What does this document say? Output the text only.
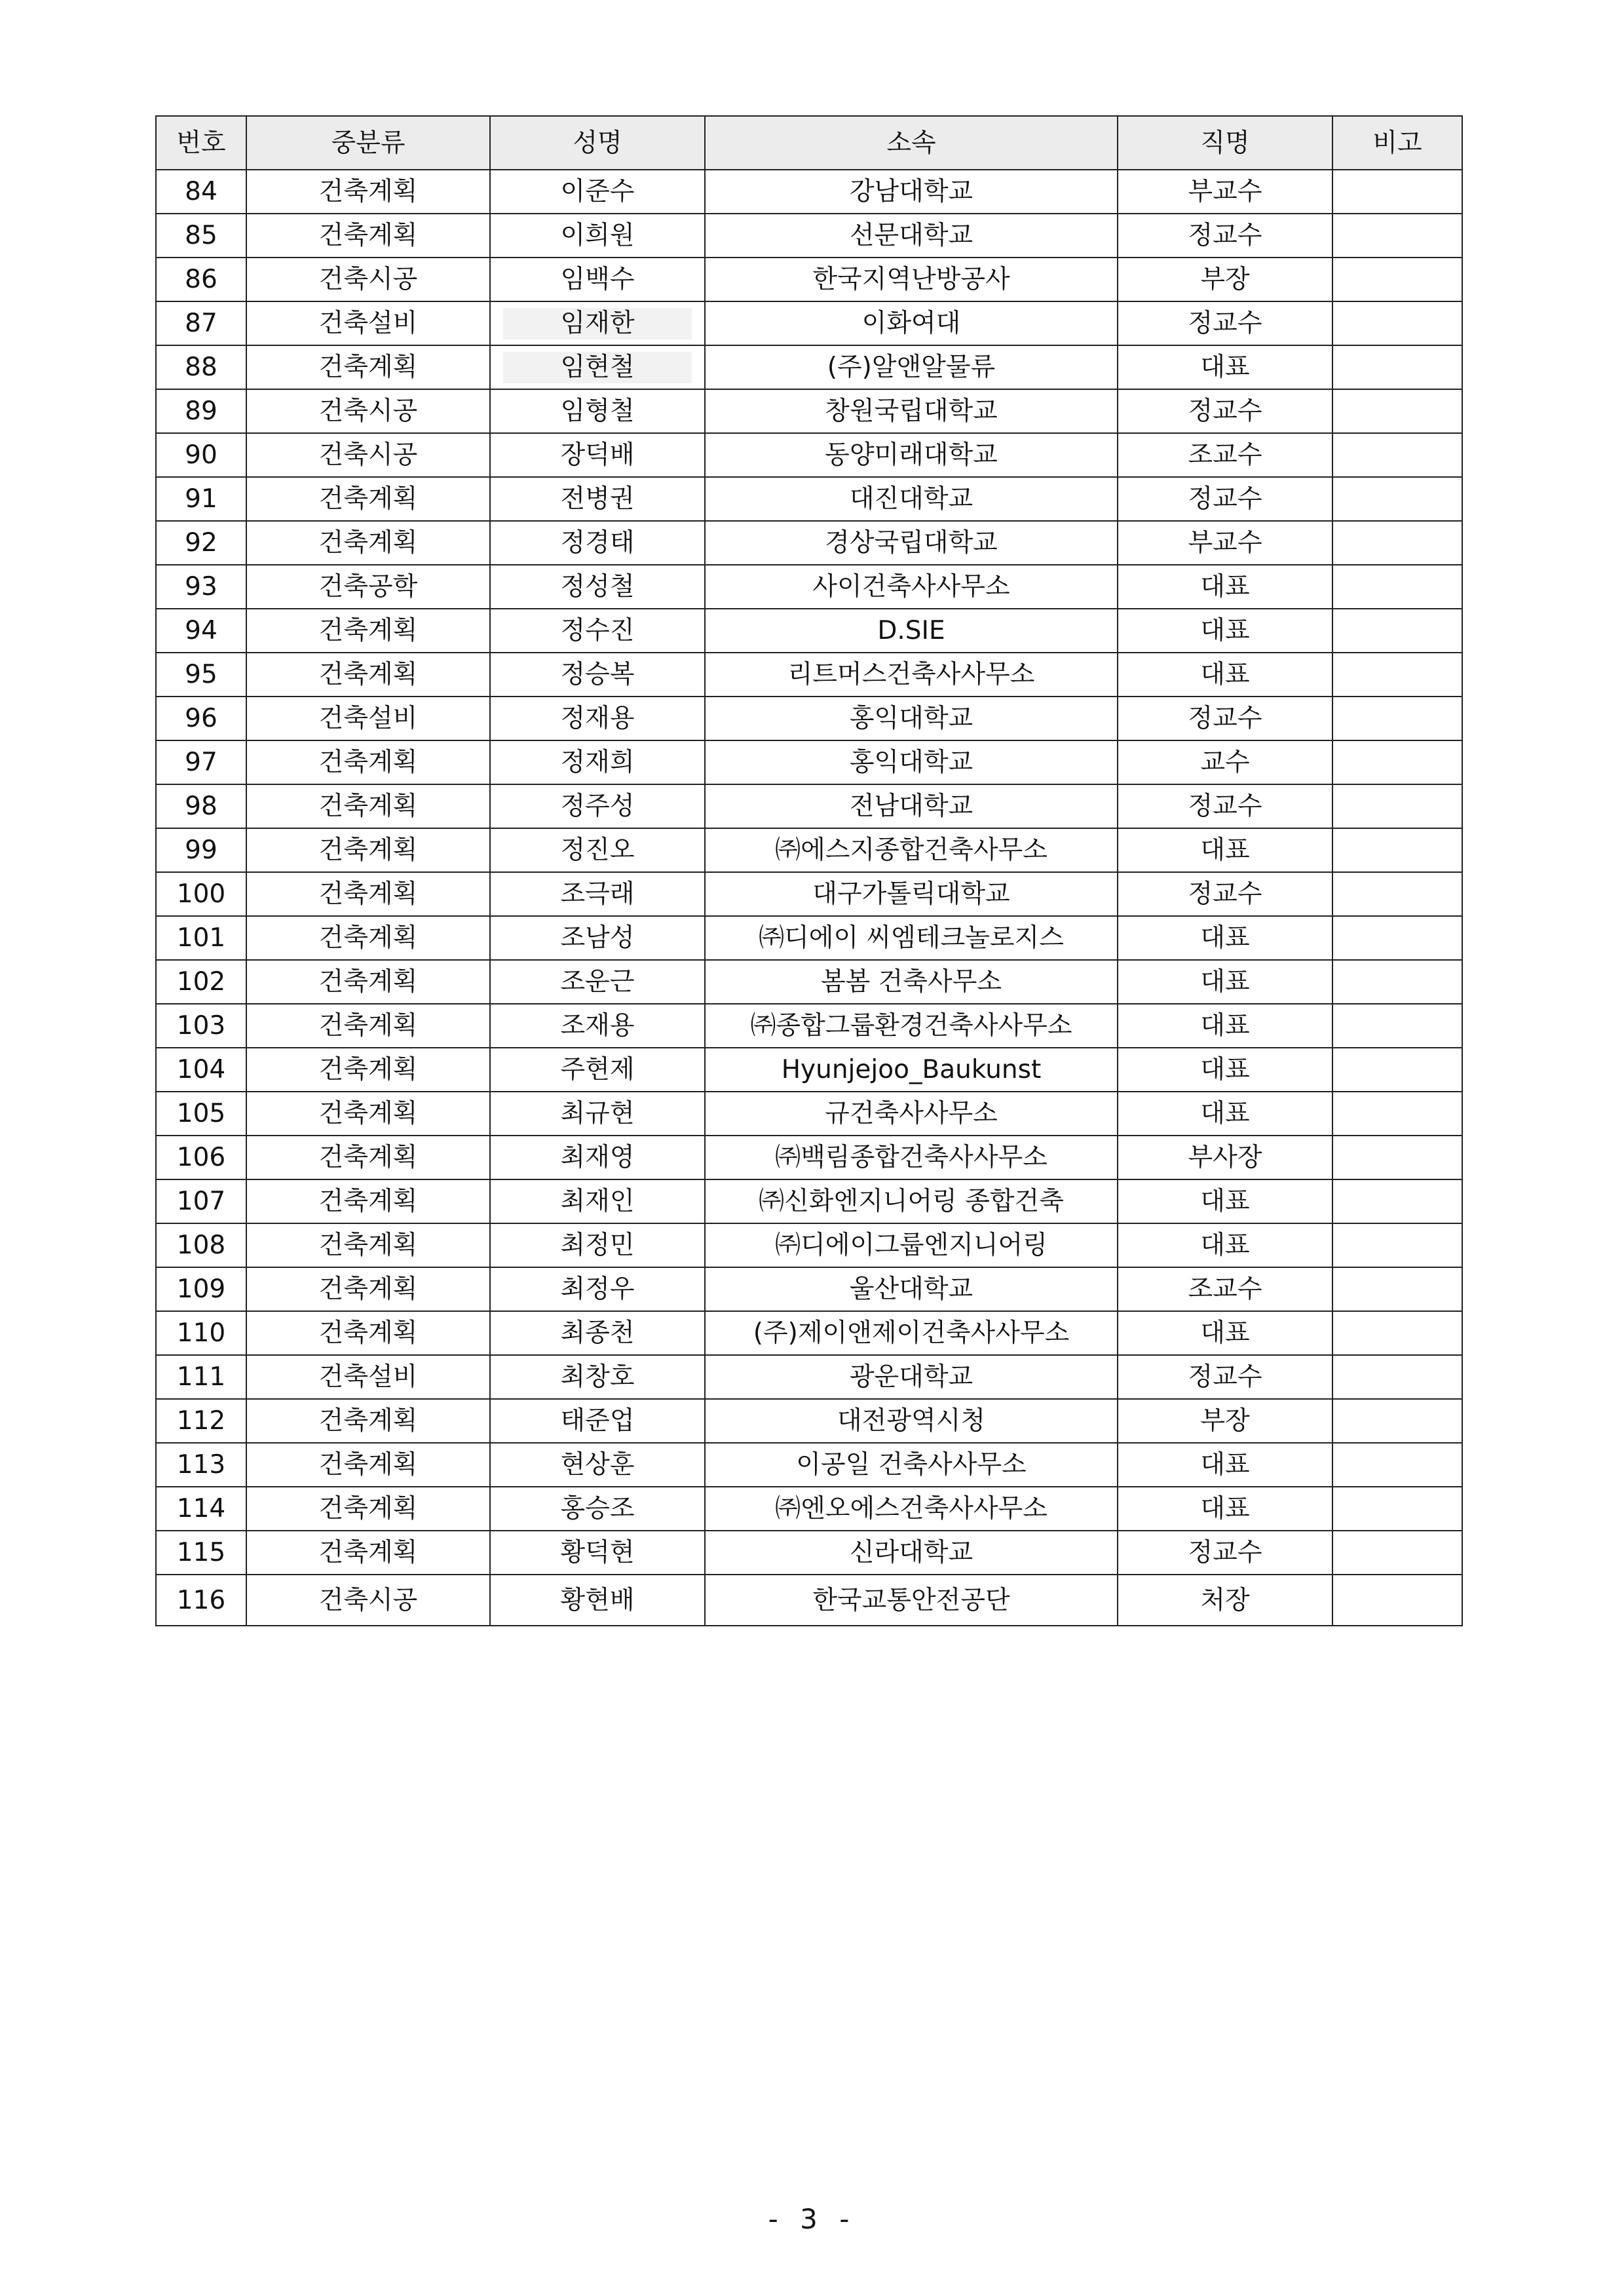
번호	중분류	성명	소속	직명	비고
84	건축계획	이준수	강남대학교	부교수	
85	건축계획	이희원	선문대학교	정교수	
86	건축시공	임백수	한국지역난방공사	부장	
87	건축설비	임재한	이화여대	정교수	
88	건축계획	임현철	(주)알앤알물류	대표	
89	건축시공	임형철	창원국립대학교	정교수	
90	건축시공	장덕배	동양미래대학교	조교수	
91	건축계획	전병권	대진대학교	정교수	
92	건축계획	정경태	경상국립대학교	부교수	
93	건축공학	정성철	사이건축사사무소	대표	
94	건축계획	정수진	D.SIE	대표	
95	건축계획	정승복	리트머스건축사사무소	대표	
96	건축설비	정재용	홍익대학교	정교수	
97	건축계획	정재희	홍익대학교	교수	
98	건축계획	정주성	전남대학교	정교수	
99	건축계획	정진오	㈜에스지종합건축사무소	대표	
100	건축계획	조극래	대구가톨릭대학교	정교수	
101	건축계획	조남성	㈜디에이 씨엠테크놀로지스	대표	
102	건축계획	조운근	봄봄 건축사무소	대표	
103	건축계획	조재용	㈜종합그룹환경건축사사무소	대표	
104	건축계획	주현제	Hyunjejoo_Baukunst	대표	
105	건축계획	최규현	규건축사사무소	대표	
106	건축계획	최재영	㈜백림종합건축사사무소	부사장	
107	건축계획	최재인	㈜신화엔지니어링 종합건축	대표	
108	건축계획	최정민	㈜디에이그룹엔지니어링	대표	
109	건축계획	최정우	울산대학교	조교수	
110	건축계획	최종천	(주)제이앤제이건축사사무소	대표	
111	건축설비	최창호	광운대학교	정교수	
112	건축계획	태준업	대전광역시청	부장	
113	건축계획	현상훈	이공일 건축사사무소	대표	
114	건축계획	홍승조	㈜엔오에스건축사사무소	대표	
115	건축계획	황덕현	신라대학교	정교수	
116	건축시공	황현배	한국교통안전공단	처장	
- 3 -
